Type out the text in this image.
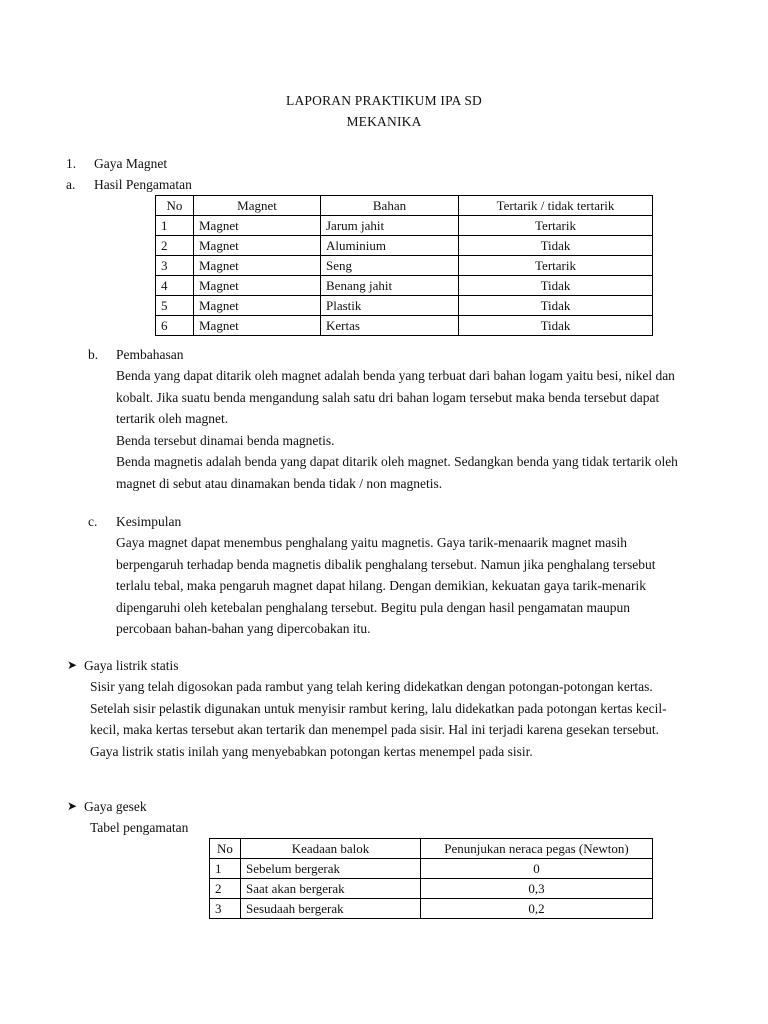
LAPORAN PRAKTIKUM IPA SD
MEKANIKA
1.	Gaya Magnet
a.	Hasil Pengamatan
No	Magnet	Bahan	Tertarik / tidak tertarik
1	Magnet	Jarum jahit	Tertarik
2	Magnet	Aluminium	Tidak
3	Magnet	Seng	Tertarik
4	Magnet	Benang jahit	Tidak
5	Magnet	Plastik	Tidak
6	Magnet	Kertas	Tidak
b.	Pembahasan

Benda yang dapat ditarik oleh magnet adalah benda yang terbuat dari bahan logam yaitu besi, nikel dan kobalt. Jika suatu benda mengandung salah satu dri bahan logam tersebut maka benda tersebut dapat tertarik oleh magnet.

Benda tersebut dinamai benda magnetis.

Benda magnetis adalah benda yang dapat ditarik oleh magnet. Sedangkan benda yang tidak tertarik oleh magnet di sebut atau dinamakan benda tidak / non magnetis.

c.	Kesimpulan

Gaya magnet dapat menembus penghalang yaitu magnetis. Gaya tarik-menaarik magnet masih berpengaruh terhadap benda magnetis dibalik penghalang tersebut. Namun jika penghalang tersebut terlalu tebal, maka pengaruh magnet dapat hilang. Dengan demikian, kekuatan gaya tarik-menarik dipengaruhi oleh ketebalan penghalang tersebut. Begitu pula dengan hasil pengamatan maupun percobaan bahan-bahan yang dipercobakan itu.

➤ Gaya listrik statis

Sisir yang telah digosokan pada rambut yang telah kering didekatkan dengan potongan-potongan kertas. Setelah sisir pelastik digunakan untuk menyisir rambut kering, lalu didekatkan pada potongan kertas kecil-kecil, maka kertas tersebut akan tertarik dan menempel pada sisir. Hal ini terjadi karena gesekan tersebut. Gaya listrik statis inilah yang menyebabkan potongan kertas menempel pada sisir.

➤ Gaya gesek
Tabel pengamatan
No	Keadaan balok	Penunjukan neraca pegas (Newton)
1	Sebelum bergerak	0
2	Saat akan bergerak	0,3
3	Sesudaah bergerak	0,2
